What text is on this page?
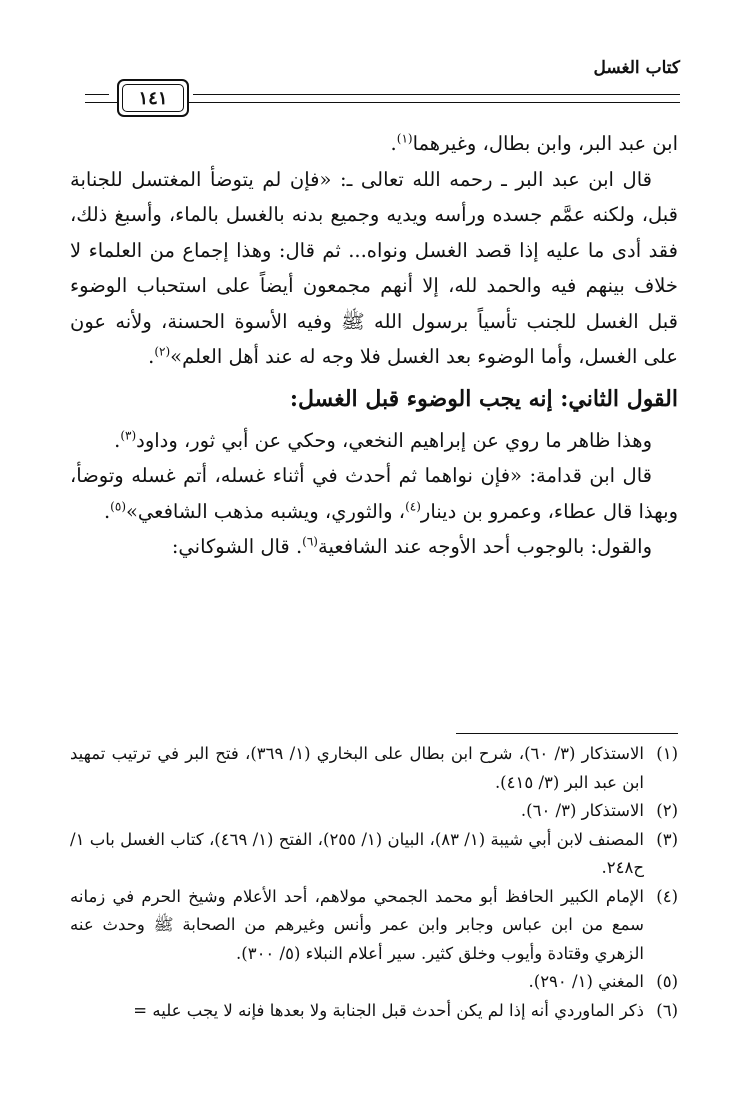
كتاب الغسل
١٤١

ابن عبد البر، وابن بطال، وغيرهما$^{(١)}$.

قال ابن عبد البر ـ رحمه الله تعالى ـ: «فإن لم يتوضأ المغتسل للجنابة قبل، ولكنه عمَّم جسده ورأسه ويديه وجميع بدنه بالغسل بالماء، وأسبغ ذلك، فقد أدى ما عليه إذا قصد الغسل ونواه... ثم قال: وهذا إجماع من العلماء لا خلاف بينهم فيه والحمد لله، إلا أنهم مجمعون أيضاً على استحباب الوضوء قبل الغسل للجنب تأسياً برسول الله ﷺ وفيه الأسوة الحسنة، ولأنه عون على الغسل، وأما الوضوء بعد الغسل فلا وجه له عند أهل العلم»$^{(٢)}$.

القول الثاني: إنه يجب الوضوء قبل الغسل:

وهذا ظاهر ما روي عن إبراهيم النخعي، وحكي عن أبي ثور، وداود$^{(٣)}$.

قال ابن قدامة: «فإن نواهما ثم أحدث في أثناء غسله، أتم غسله وتوضأ، وبهذا قال عطاء، وعمرو بن دينار$^{(٤)}$، والثوري، ويشبه مذهب الشافعي»$^{(٥)}$.

والقول: بالوجوب أحد الأوجه عند الشافعية$^{(٦)}$. قال الشوكاني:

(١)
الاستذكار (٣/ ٦٠)، شرح ابن بطال على البخاري (١/ ٣٦٩)، فتح البر في ترتيب تمهيد ابن عبد البر (٣/ ٤١٥).
(٢)
الاستذكار (٣/ ٦٠).
(٣)
المصنف لابن أبي شيبة (١/ ٨٣)، البيان (١/ ٢٥٥)، الفتح (١/ ٤٦٩)، كتاب الغسل باب ١/ ح٢٤٨.
(٤)
الإمام الكبير الحافظ أبو محمد الجمحي مولاهم، أحد الأعلام وشيخ الحرم في زمانه سمع من ابن عباس وجابر وابن عمر وأنس وغيرهم من الصحابة ﷺ وحدث عنه الزهري وقتادة وأيوب وخلق كثير. سير أعلام النبلاء (٥/ ٣٠٠).
(٥)
المغني (١/ ٢٩٠).
(٦)
ذكر الماوردي أنه إذا لم يكن أحدث قبل الجنابة ولا بعدها فإنه لا يجب عليه =
